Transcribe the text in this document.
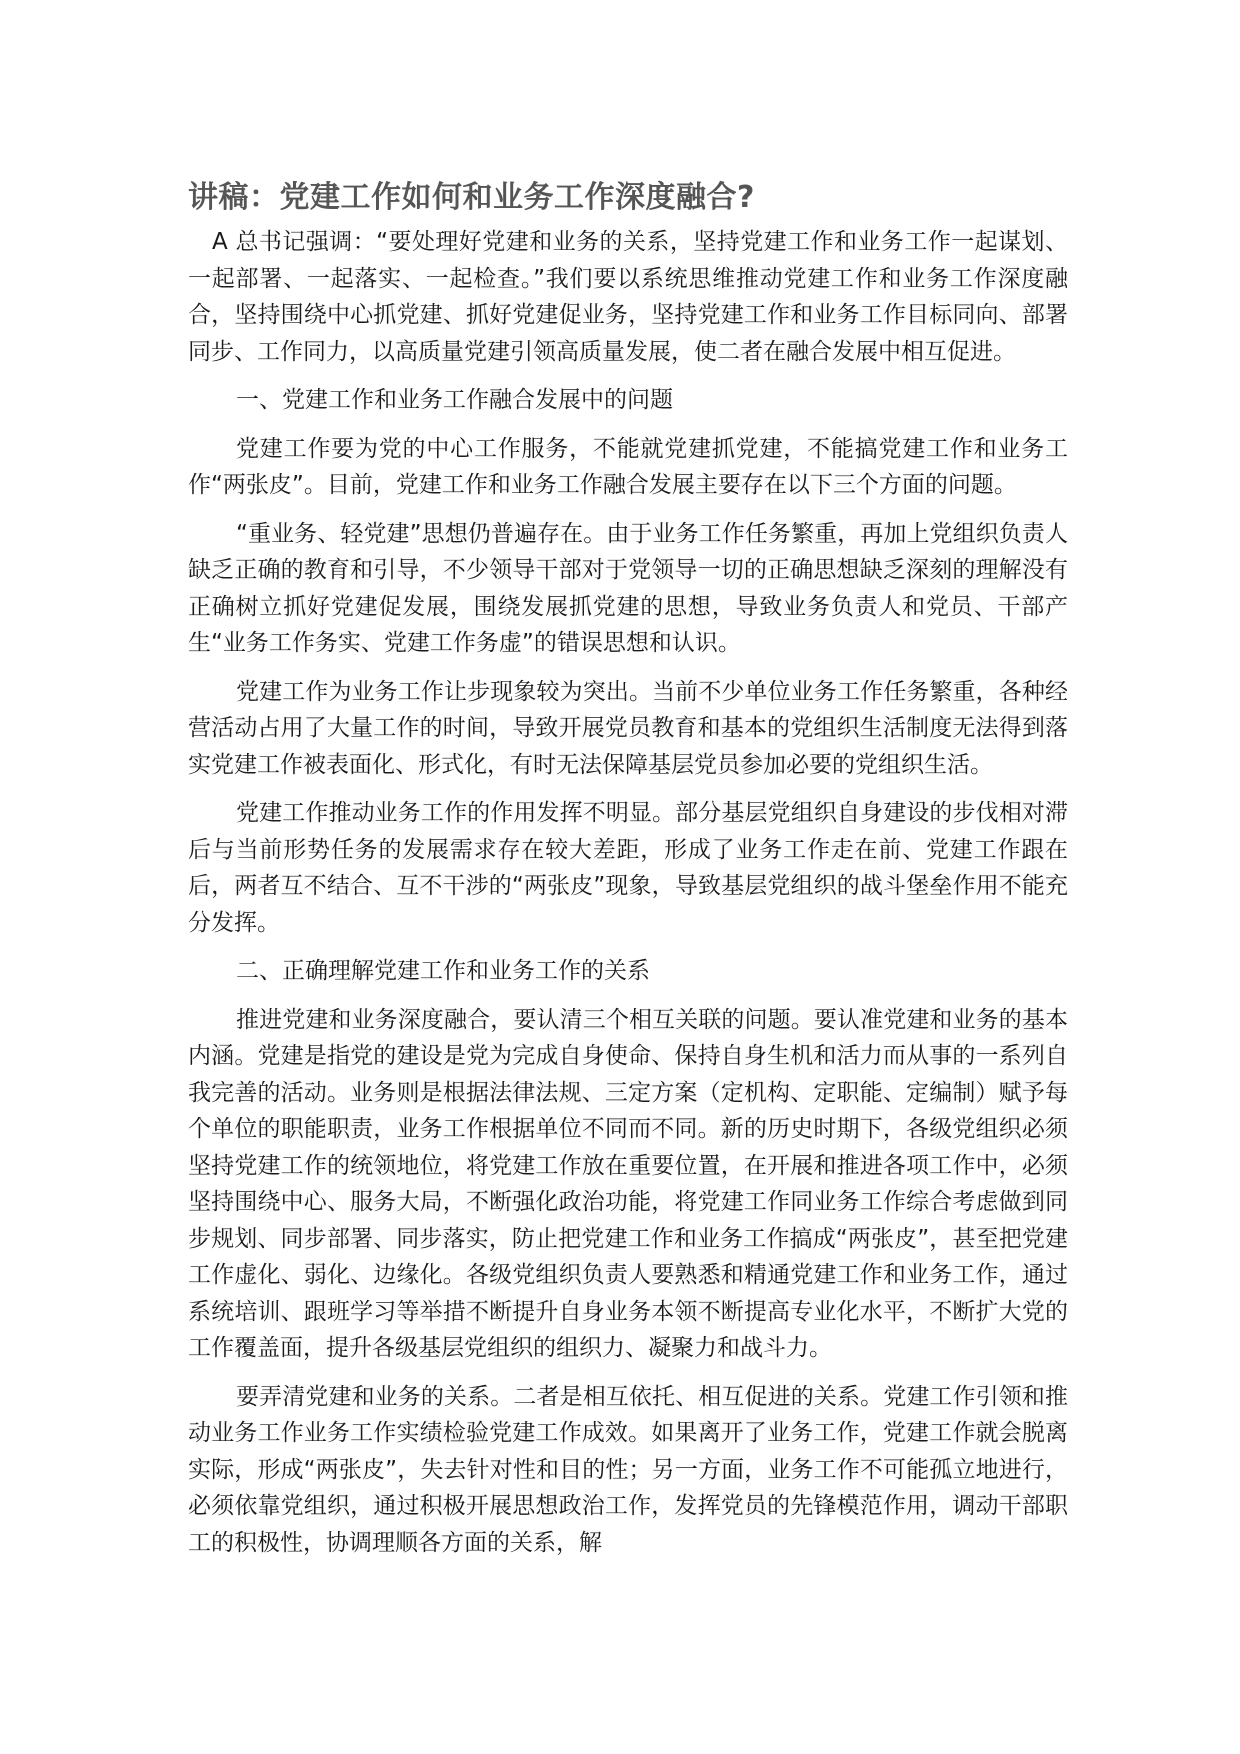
讲稿：党建工作如何和业务工作深度融合?

A 总书记强调：“要处理好党建和业务的关系，坚持党建工作和业务工作一起谋划、一起部署、一起落实、一起检查。”我们要以系统思维推动党建工作和业务工作深度融合，坚持围绕中心抓党建、抓好党建促业务，坚持党建工作和业务工作目标同向、部署同步、工作同力，以高质量党建引领高质量发展，使二者在融合发展中相互促进。

一、党建工作和业务工作融合发展中的问题

党建工作要为党的中心工作服务，不能就党建抓党建，不能搞党建工作和业务工作“两张皮”。目前，党建工作和业务工作融合发展主要存在以下三个方面的问题。

“重业务、轻党建”思想仍普遍存在。由于业务工作任务繁重，再加上党组织负责人缺乏正确的教育和引导，不少领导干部对于党领导一切的正确思想缺乏深刻的理解没有正确树立抓好党建促发展，围绕发展抓党建的思想，导致业务负责人和党员、干部产生“业务工作务实、党建工作务虚”的错误思想和认识。

党建工作为业务工作让步现象较为突出。当前不少单位业务工作任务繁重，各种经营活动占用了大量工作的时间，导致开展党员教育和基本的党组织生活制度无法得到落实党建工作被表面化、形式化，有时无法保障基层党员参加必要的党组织生活。

党建工作推动业务工作的作用发挥不明显。部分基层党组织自身建设的步伐相对滞后与当前形势任务的发展需求存在较大差距，形成了业务工作走在前、党建工作跟在后，两者互不结合、互不干涉的“两张皮”现象，导致基层党组织的战斗堡垒作用不能充分发挥。

二、正确理解党建工作和业务工作的关系

推进党建和业务深度融合，要认清三个相互关联的问题。要认准党建和业务的基本内涵。党建是指党的建设是党为完成自身使命、保持自身生机和活力而从事的一系列自我完善的活动。业务则是根据法律法规、三定方案（定机构、定职能、定编制）赋予每个单位的职能职责，业务工作根据单位不同而不同。新的历史时期下，各级党组织必须坚持党建工作的统领地位，将党建工作放在重要位置，在开展和推进各项工作中，必须坚持围绕中心、服务大局，不断强化政治功能，将党建工作同业务工作综合考虑做到同步规划、同步部署、同步落实，防止把党建工作和业务工作搞成“两张皮”，甚至把党建工作虚化、弱化、边缘化。各级党组织负责人要熟悉和精通党建工作和业务工作，通过系统培训、跟班学习等举措不断提升自身业务本领不断提高专业化水平，不断扩大党的工作覆盖面，提升各级基层党组织的组织力、凝聚力和战斗力。

要弄清党建和业务的关系。二者是相互依托、相互促进的关系。党建工作引领和推动业务工作业务工作实绩检验党建工作成效。如果离开了业务工作，党建工作就会脱离实际，形成“两张皮”，失去针对性和目的性；另一方面，业务工作不可能孤立地进行，必须依靠党组织，通过积极开展思想政治工作，发挥党员的先锋模范作用，调动干部职工的积极性，协调理顺各方面的关系，解
